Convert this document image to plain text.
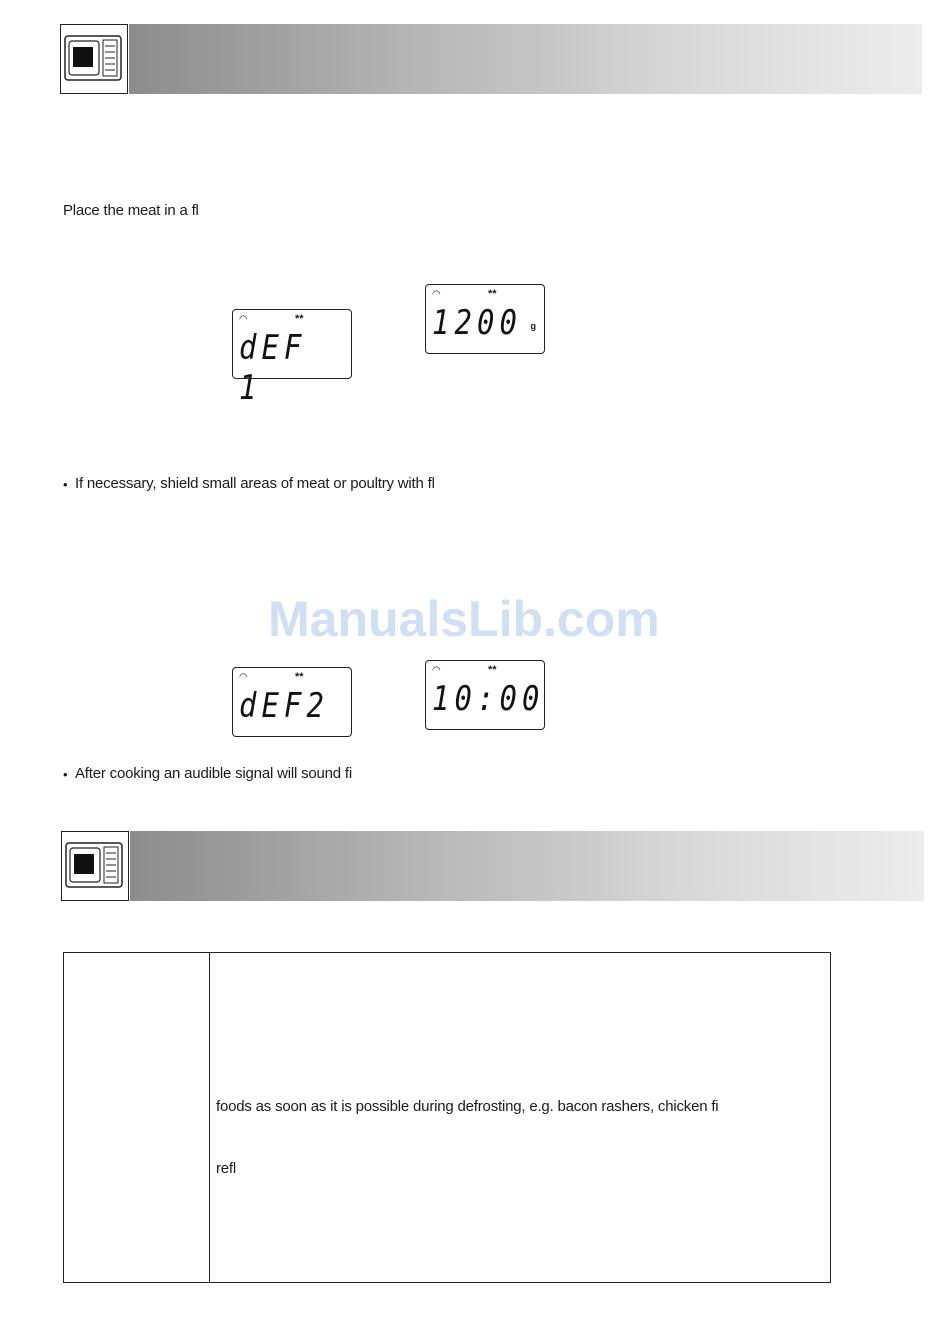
Place the meat in a fl
◠	**
dEF 1
◠	**
1200 g
• If necessary, shield small areas of meat or poultry with fl
ManualsLib.com
◠	**
dEF2
◠	**
10:00
• After cooking an audible signal will sound fi
foods as soon as it is possible during defrosting, e.g. bacon rashers, chicken fi
refl
